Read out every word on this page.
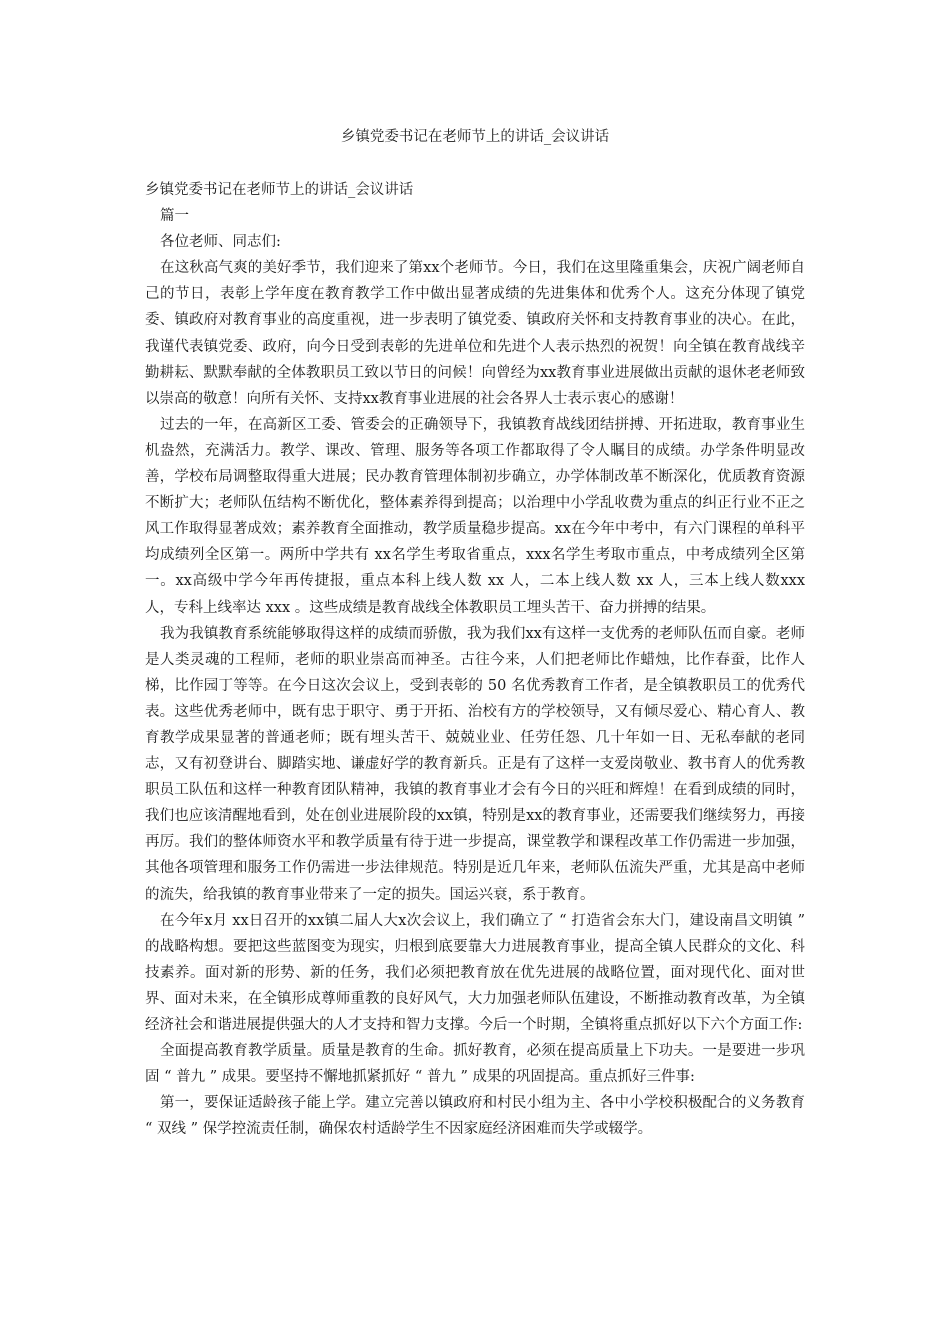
乡镇党委书记在老师节上的讲话_会议讲话

乡镇党委书记在老师节上的讲话_会议讲话

篇一

各位老师、同志们:

在这秋高气爽的美好季节，我们迎来了第xx个老师节。今日，我们在这里隆重集会，庆祝广阔老师自己的节日，表彰上学年度在教育教学工作中做出显著成绩的先进集体和优秀个人。这充分体现了镇党委、镇政府对教育事业的高度重视，进一步表明了镇党委、镇政府关怀和支持教育事业的决心。在此，我谨代表镇党委、政府，向今日受到表彰的先进单位和先进个人表示热烈的祝贺！向全镇在教育战线辛勤耕耘、默默奉献的全体教职员工致以节日的问候！向曾经为xx教育事业进展做出贡献的退休老老师致以崇高的敬意！向所有关怀、支持xx教育事业进展的社会各界人士表示衷心的感谢！

过去的一年，在高新区工委、管委会的正确领导下，我镇教育战线团结拼搏、开拓进取，教育事业生机盎然，充满活力。教学、课改、管理、服务等各项工作都取得了令人瞩目的成绩。办学条件明显改善，学校布局调整取得重大进展；民办教育管理体制初步确立，办学体制改革不断深化，优质教育资源不断扩大；老师队伍结构不断优化，整体素养得到提高；以治理中小学乱收费为重点的纠正行业不正之风工作取得显著成效；素养教育全面推动，教学质量稳步提高。xx在今年中考中，有六门课程的单科平均成绩列全区第一。两所中学共有 xx名学生考取省重点，xxx名学生考取市重点，中考成绩列全区第一。xx高级中学今年再传捷报，重点本科上线人数 xx 人，二本上线人数 xx 人，三本上线人数xxx 人，专科上线率达 xxx 。这些成绩是教育战线全体教职员工埋头苦干、奋力拼搏的结果。

我为我镇教育系统能够取得这样的成绩而骄傲，我为我们xx有这样一支优秀的老师队伍而自豪。老师是人类灵魂的工程师，老师的职业崇高而神圣。古往今来，人们把老师比作蜡烛，比作春蚕，比作人梯，比作园丁等等。在今日这次会议上，受到表彰的 50 名优秀教育工作者，是全镇教职员工的优秀代表。这些优秀老师中，既有忠于职守、勇于开拓、治校有方的学校领导，又有倾尽爱心、精心育人、教育教学成果显著的普通老师；既有埋头苦干、兢兢业业、任劳任怨、几十年如一日、无私奉献的老同志，又有初登讲台、脚踏实地、谦虚好学的教育新兵。正是有了这样一支爱岗敬业、教书育人的优秀教职员工队伍和这样一种教育团队精神，我镇的教育事业才会有今日的兴旺和辉煌！在看到成绩的同时，我们也应该清醒地看到，处在创业进展阶段的xx镇，特别是xx的教育事业，还需要我们继续努力，再接再厉。我们的整体师资水平和教学质量有待于进一步提高，课堂教学和课程改革工作仍需进一步加强，其他各项管理和服务工作仍需进一步法律规范。特别是近几年来，老师队伍流失严重，尤其是高中老师的流失，给我镇的教育事业带来了一定的损失。国运兴衰，系于教育。

在今年x月 xx日召开的xx镇二届人大x次会议上，我们确立了 “ 打造省会东大门，建设南昌文明镇 ” 的战略构想。要把这些蓝图变为现实，归根到底要靠大力进展教育事业，提高全镇人民群众的文化、科技素养。面对新的形势、新的任务，我们必须把教育放在优先进展的战略位置，面对现代化、面对世界、面对未来，在全镇形成尊师重教的良好风气，大力加强老师队伍建设，不断推动教育改革，为全镇经济社会和谐进展提供强大的人才支持和智力支撑。今后一个时期，全镇将重点抓好以下六个方面工作:

全面提高教育教学质量。质量是教育的生命。抓好教育，必须在提高质量上下功夫。一是要进一步巩固 “ 普九 ” 成果。要坚持不懈地抓紧抓好 “ 普九 ” 成果的巩固提高。重点抓好三件事:

第一，要保证适龄孩子能上学。建立完善以镇政府和村民小组为主、各中小学校积极配合的义务教育 “ 双线 ” 保学控流责任制，确保农村适龄学生不因家庭经济困难而失学或辍学。
